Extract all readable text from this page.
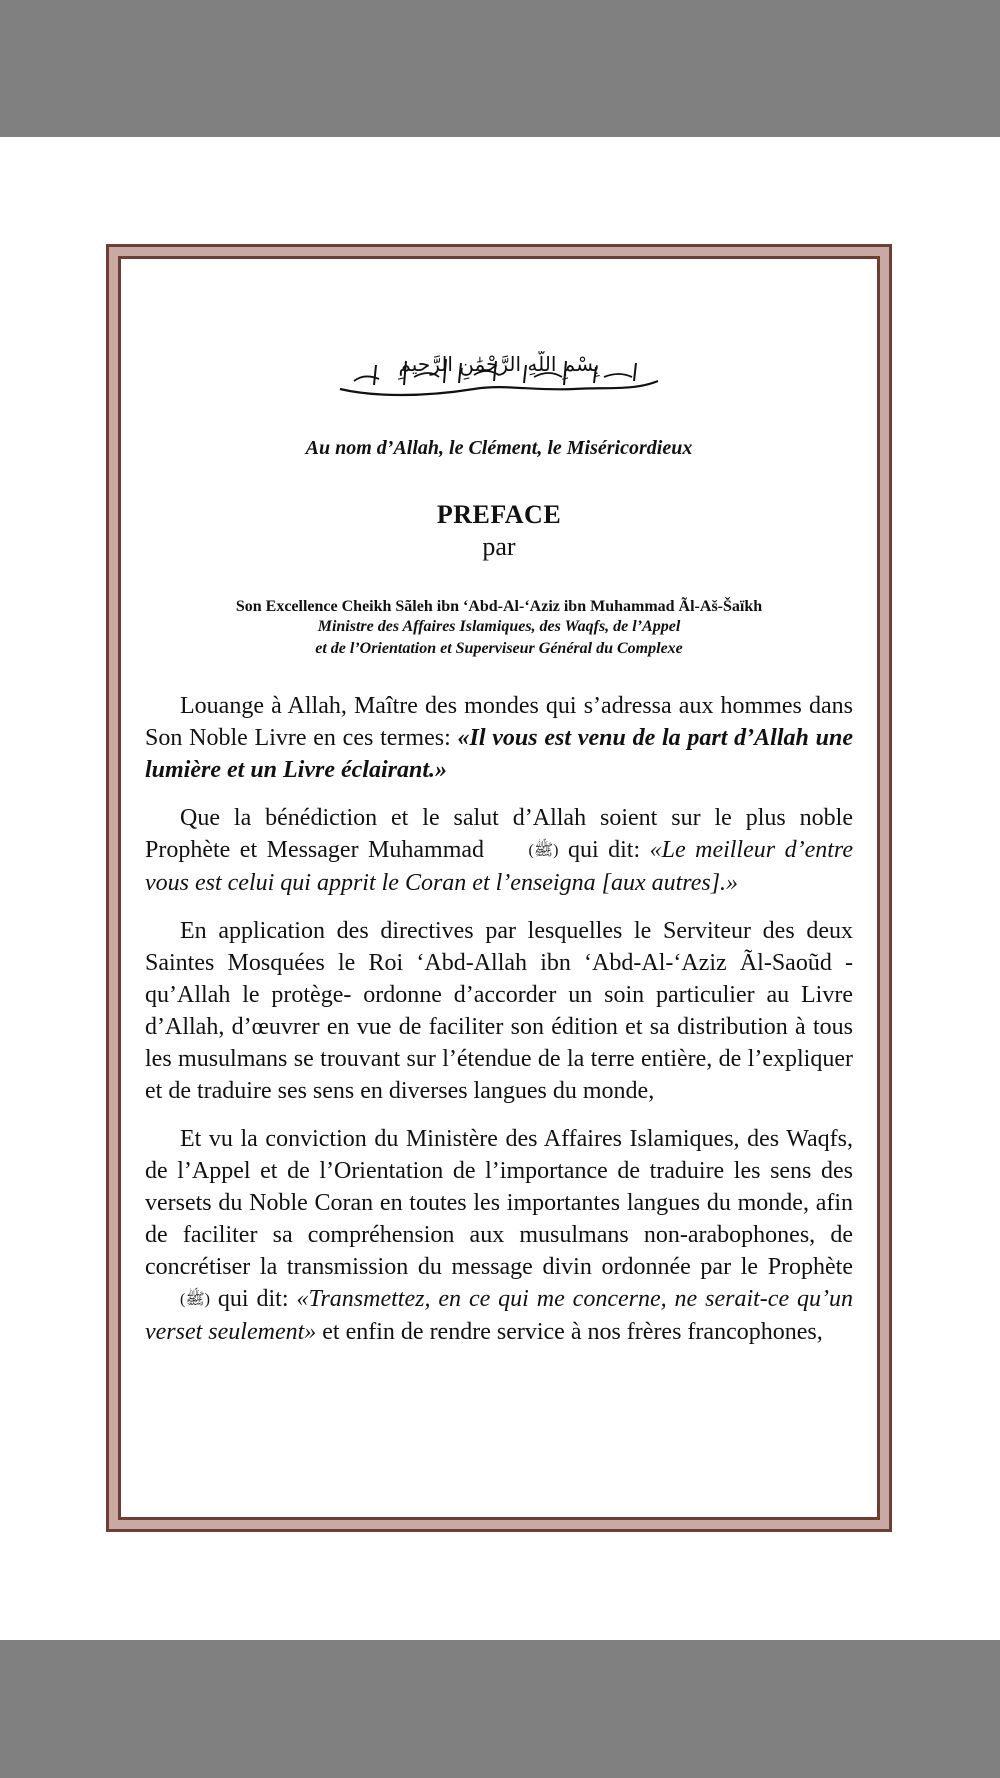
بِسْمِ اللَّهِ الرَّحْمَٰنِ الرَّحِيمِ
Au nom d’Allah, le Clément, le Miséricordieux
PREFACE
par
Son Excellence Cheikh Sãleh ibn ‘Abd-Al-‘Aziz ibn Muhammad Ãl-Aš-Šaïkh
Ministre des Affaires Islamiques, des Waqfs, de l’Appel
et de l’Orientation et Superviseur Général du Complexe

Louange à Allah, Maître des mondes qui s’adressa aux hommes dans Son Noble Livre en ces termes: «Il vous est venu de la part d’Allah une lumière et un Livre éclairant.»

Que la bénédiction et le salut d’Allah soient sur le plus noble Prophète et Messager Muhammad (ﷺ) qui dit: «Le meilleur d’entre vous est celui qui apprit le Coran et l’enseigna [aux autres].»

En application des directives par lesquelles le Serviteur des deux Saintes Mosquées le Roi ‘Abd-Allah ibn ‘Abd-Al-‘Aziz Ãl-Saoũd -qu’Allah le protège- ordonne d’accorder un soin particulier au Livre d’Allah, d’œuvrer en vue de faciliter son édition et sa distribution à tous les musulmans se trouvant sur l’étendue de la terre entière, de l’expliquer et de traduire ses sens en diverses langues du monde,

Et vu la conviction du Ministère des Affaires Islamiques, des Waqfs, de l’Appel et de l’Orientation de l’importance de traduire les sens des versets du Noble Coran en toutes les importantes langues du monde, afin de faciliter sa compréhension aux musulmans non-arabophones, de concrétiser la transmission du message divin ordonnée par le Prophète (ﷺ) qui dit: «Transmettez, en ce qui me concerne, ne serait-ce qu’un verset seulement» et enfin de rendre service à nos frères francophones,
